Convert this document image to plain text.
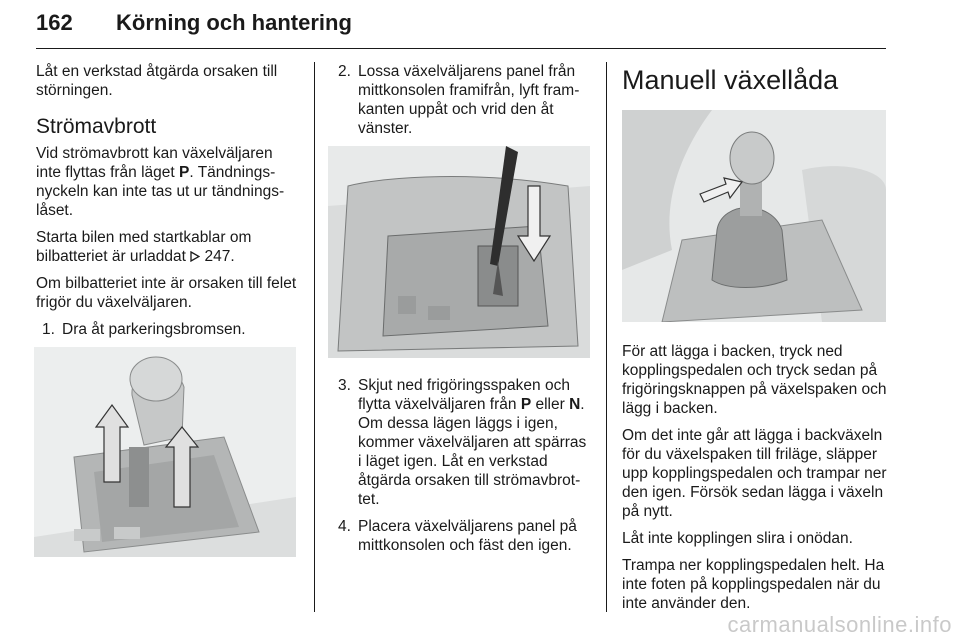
162 Körning och hantering

Låt en verkstad åtgärda orsaken till störningen.

Strömavbrott

Vid strömavbrott kan växelväljaren inte flyttas från läget P. Tändningsnyckeln kan inte tas ut ur tändningslåset.

Starta bilen med startkablar om bilbatteriet är urladdat  247.

Om bilbatteriet inte är orsaken till felet frigör du växelväljaren.

1. Dra åt parkeringsbromsen.
2. Lossa växelväljarens panel från mittkonsolen framifrån, lyft framkanten uppåt och vrid den åt vänster.
3. Skjut ned frigöringsspaken och flytta växelväljaren från P eller N. Om dessa lägen läggs i igen, kommer växelväljaren att spärras i läget igen. Låt en verkstad åtgärda orsaken till strömavbrottet.
4. Placera växelväljarens panel på mittkonsolen och fäst den igen.
Manuell växellåda

För att lägga i backen, tryck ned kopplingspedalen och tryck sedan på frigöringsknappen på växelspaken och lägg i backen.

Om det inte går att lägga i backväxeln för du växelspaken till friläge, släpper upp kopplingspedalen och trampar ner den igen. Försök sedan lägga i växeln på nytt.

Låt inte kopplingen slira i onödan.

Trampa ner kopplingspedalen helt. Ha inte foten på kopplingspedalen när du inte använder den.

carmanualsonline.info
